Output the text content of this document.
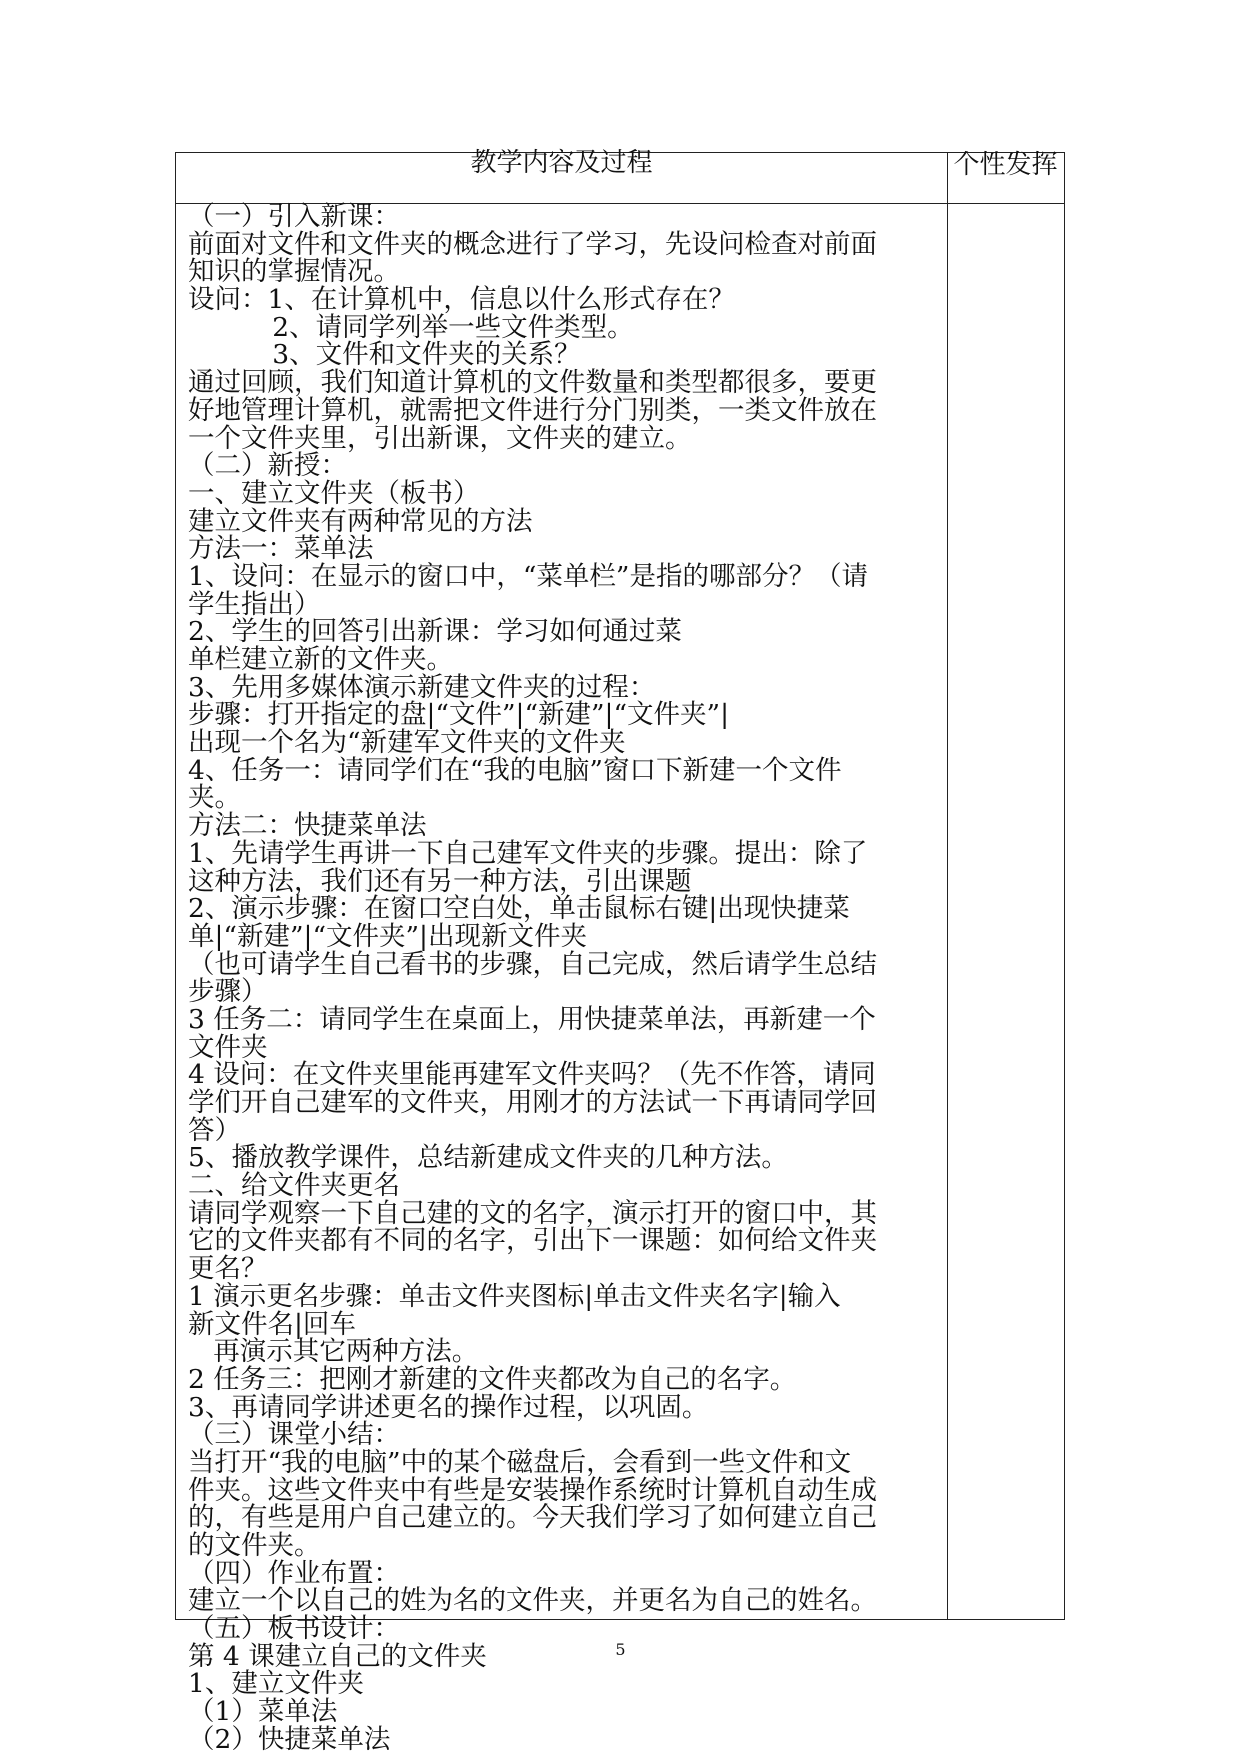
教学内容及过程	个性发挥
（一）引入新课：
前面对文件和文件夹的概念进行了学习，先设问检查对前面
知识的掌握情况。
设问：1、在计算机中，信息以什么形式存在？
2、请同学列举一些文件类型。
3、文件和文件夹的关系？
通过回顾，我们知道计算机的文件数量和类型都很多，要更
好地管理计算机，就需把文件进行分门别类，一类文件放在
一个文件夹里，引出新课，文件夹的建立。
（二）新授：
一、建立文件夹（板书）
建立文件夹有两种常见的方法
方法一：菜单法
1、设问：在显示的窗口中，“菜单栏”是指的哪部分？（请
学生指出）
2、学生的回答引出新课：学习如何通过菜
单栏建立新的文件夹。
3、先用多媒体演示新建文件夹的过程：
步骤：打开指定的盘|“文件”|“新建”|“文件夹”|
出现一个名为“新建军文件夹的文件夹
4、任务一：请同学们在“我的电脑”窗口下新建一个文件
夹。
方法二：快捷菜单法
1、先请学生再讲一下自己建军文件夹的步骤。提出：除了
这种方法，我们还有另一种方法，引出课题
2、演示步骤：在窗口空白处，单击鼠标右键|出现快捷菜
单|“新建”|“文件夹”|出现新文件夹
（也可请学生自己看书的步骤，自己完成，然后请学生总结
步骤）
3 任务二：请同学生在桌面上，用快捷菜单法，再新建一个
文件夹
4 设问：在文件夹里能再建军文件夹吗？（先不作答，请同
学们开自己建军的文件夹，用刚才的方法试一下再请同学回
答）
5、播放教学课件，总结新建成文件夹的几种方法。
二、给文件夹更名
请同学观察一下自己建的文的名字，演示打开的窗口中，其
它的文件夹都有不同的名字，引出下一课题：如何给文件夹
更名？
1 演示更名步骤：单击文件夹图标|单击文件夹名字|输入
新文件名|回车
再演示其它两种方法。
2 任务三：把刚才新建的文件夹都改为自己的名字。
3、再请同学讲述更名的操作过程，以巩固。
（三）课堂小结：
当打开“我的电脑”中的某个磁盘后，会看到一些文件和文
件夹。这些文件夹中有些是安装操作系统时计算机自动生成
的，有些是用户自己建立的。今天我们学习了如何建立自己
的文件夹。
（四）作业布置：
建立一个以自己的姓为名的文件夹，并更名为自己的姓名。
（五）板书设计：
第 4 课建立自己的文件夹
1、建立文件夹
（1）菜单法
（2）快捷菜单法
5
